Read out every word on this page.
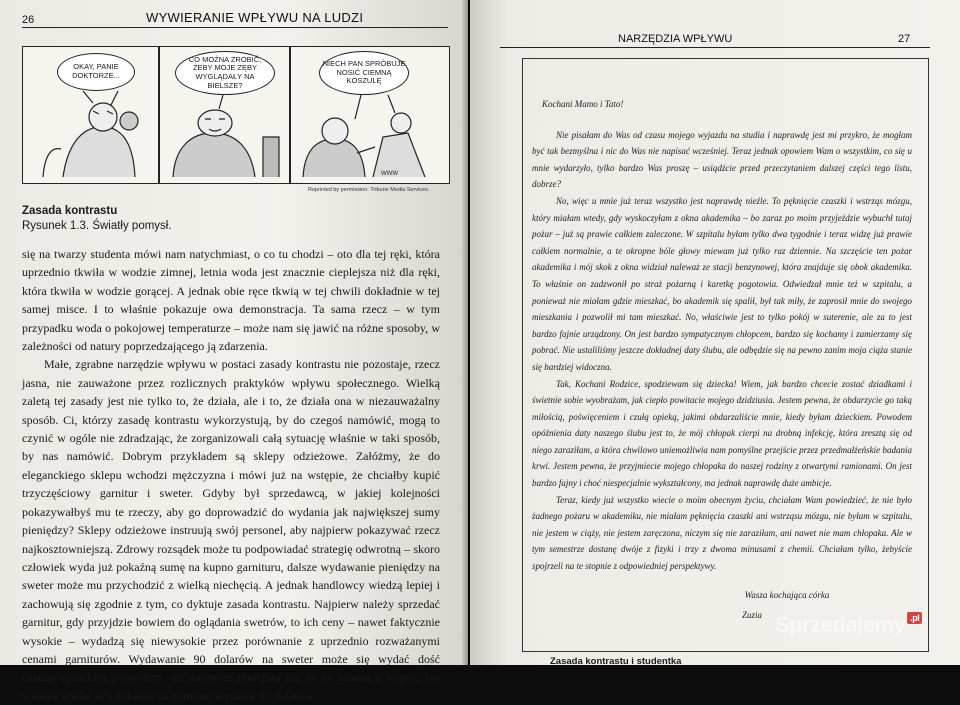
26	WYWIERANIE WPŁYWU NA LUDZI
OKAY, PANIE DOKTORZE...
CO MOŻNA ZROBIĆ, ŻEBY MOJE ZĘBY WYGLĄDAŁY NA BIELSZE?
NIECH PAN SPRÓBUJE NOSIĆ CIEMNĄ KOSZULĘ
WWW
Reprinted by permission: Tribune Media Services.
Zasada kontrastu
Rysunek 1.3. Światły pomysł.

się na twarzy studenta mówi nam natychmiast, o co tu chodzi – oto dla tej ręki, która uprzednio tkwiła w wodzie zimnej, letnia woda jest znacznie cieplejsza niż dla ręki, która tkwiła w wodzie gorącej. A jednak obie ręce tkwią w tej chwili dokładnie w tej samej misce. I to właśnie pokazuje owa demonstracja. Ta sama rzecz – w tym przypadku woda o pokojowej temperaturze – może nam się jawić na różne sposoby, w zależności od natury poprzedzającego ją zdarzenia.

Małe, zgrabne narzędzie wpływu w postaci zasady kontrastu nie pozostaje, rzecz jasna, nie zauważone przez rozlicznych praktyków wpływu społecznego. Wielką zaletą tej zasady jest nie tylko to, że działa, ale i to, że działa ona w niezauważalny sposób. Ci, którzy zasadę kontrastu wykorzystują, by do czegoś namówić, mogą to czynić w ogóle nie zdradzając, że zorganizowali całą sytuację właśnie w taki sposób, by nas namówić. Dobrym przykładem są sklepy odzieżowe. Załóżmy, że do eleganckiego sklepu wchodzi mężczyzna i mówi już na wstępie, że chciałby kupić trzyczęściowy garnitur i sweter. Gdyby był sprzedawcą, w jakiej kolejności pokazywałbyś mu te rzeczy, aby go doprowadzić do wydania jak największej sumy pieniędzy? Sklepy odzieżowe instruują swój personel, aby najpierw pokazywać rzecz najkosztowniejszą. Zdrowy rozsądek może tu podpowiadać strategię odwrotną – skoro człowiek wyda już pokaźną sumę na kupno garnituru, dalsze wydawanie pieniędzy na sweter może mu przychodzić z wielką niechęcią. A jednak handlowcy wiedzą lepiej i zachowują się zgodnie z tym, co dyktuje zasada kontrastu. Najpierw należy sprzedać garnitur, gdy przyjdzie bowiem do oglądania swetrów, to ich ceny – nawet faktycznie wysokie – wydadzą się niewysokie przez porównanie z uprzednio rozważanymi cenami garniturów. Wydawanie 90 dolarów na sweter może się wydać dość ekstrawaganckim pomysłem, ale zapewne mniejszą już to na szansa u kogoś, kto właśnie wydał 475 dolarów na garnitur, wydatek 90 dolarów

NARZĘDZIA WPŁYWU	27

Kochani Mamo i Tato!

Nie pisałam do Was od czasu mojego wyjazdu na studia i naprawdę jest mi przykro, że mogłam być tak bezmyślna i nic do Was nie napisać wcześniej. Teraz jednak opowiem Wam o wszystkim, co się u mnie wydarzyło, tylko bardzo Was proszę – usiądźcie przed przeczytaniem dalszej części tego listu, dobrze?

No, więc u mnie już teraz wszystko jest naprawdę nieźle. To pęknięcie czaszki i wstrząs mózgu, który miałam wtedy, gdy wyskoczyłam z okna akademika – bo zaraz po moim przyjeździe wybuchł tutaj pożar – już są prawie całkiem zaleczone. W szpitalu byłam tylko dwa tygodnie i teraz widzę już prawie całkiem normalnie, a te okropne bóle głowy miewam już tylko raz dziennie. Na szczęście ten pożar akademika i mój skok z okna widział naleważ ze stacji benzynowej, która znajduje się obok akademika. To właśnie on zadzwonił po straż pożarną i karetkę pogotowia. Odwiedzał mnie też w szpitalu, a ponieważ nie miałam gdzie mieszkać, bo akademik się spalił, był tak miły, że zaprosił mnie do swojego mieszkania i pozwolił mi tam mieszkać. No, właściwie jest to tylko pokój w suterenie, ale za to jest bardzo fajnie urządzony. On jest bardzo sympatycznym chłopcem, bardzo się kochamy i zamierzamy się pobrać. Nie ustaliliśmy jeszcze dokładnej daty ślubu, ale odbędzie się na pewno zanim moja ciąża stanie się bardziej widoczna.

Tak, Kochani Rodzice, spodziewam się dziecka! Wiem, jak bardzo chcecie zostać dziadkami i świetnie sobie wyobrażam, jak ciepło powitacie mojego dzidziusia. Jestem pewna, że obdarzycie go taką miłością, poświęceniem i czułą opieką, jakimi obdarzaliście mnie, kiedy byłam dzieckiem. Powodem opóźnienia daty naszego ślubu jest to, że mój chłopak cierpi na drobną infekcję, która zresztą się od niego zaraziłam, a która chwilowo uniemożliwia nam pomyślne przejście przez przedmałżeńskie badania krwi. Jestem pewna, że przyjmiecie mojego chłopaka do naszej rodziny z otwartymi ramionami. On jest bardzo fajny i choć niespecjalnie wykształcony, ma jednak naprawdę duże ambicje.

Teraz, kiedy już wszystko wiecie o moim obecnym życiu, chciałam Wam powiedzieć, że nie było żadnego pożaru w akademiku, nie miałam pęknięcia czaszki ani wstrząsu mózgu, nie byłam w szpitalu, nie jestem w ciąży, nie jestem zaręczona, niczym się nie zaraziłam, ani nawet nie mam chłopaka. Ale w tym semestrze dostanę dwóje z fizyki i trzy z dwoma minusami z chemii. Chciałam tylko, żebyście spojrzeli na te stopnie z odpowiedniej perspektywy.

Wasza kochająca córka

Zuzia

Zasada kontrastu i studentka
Sprzedajemy .pl
